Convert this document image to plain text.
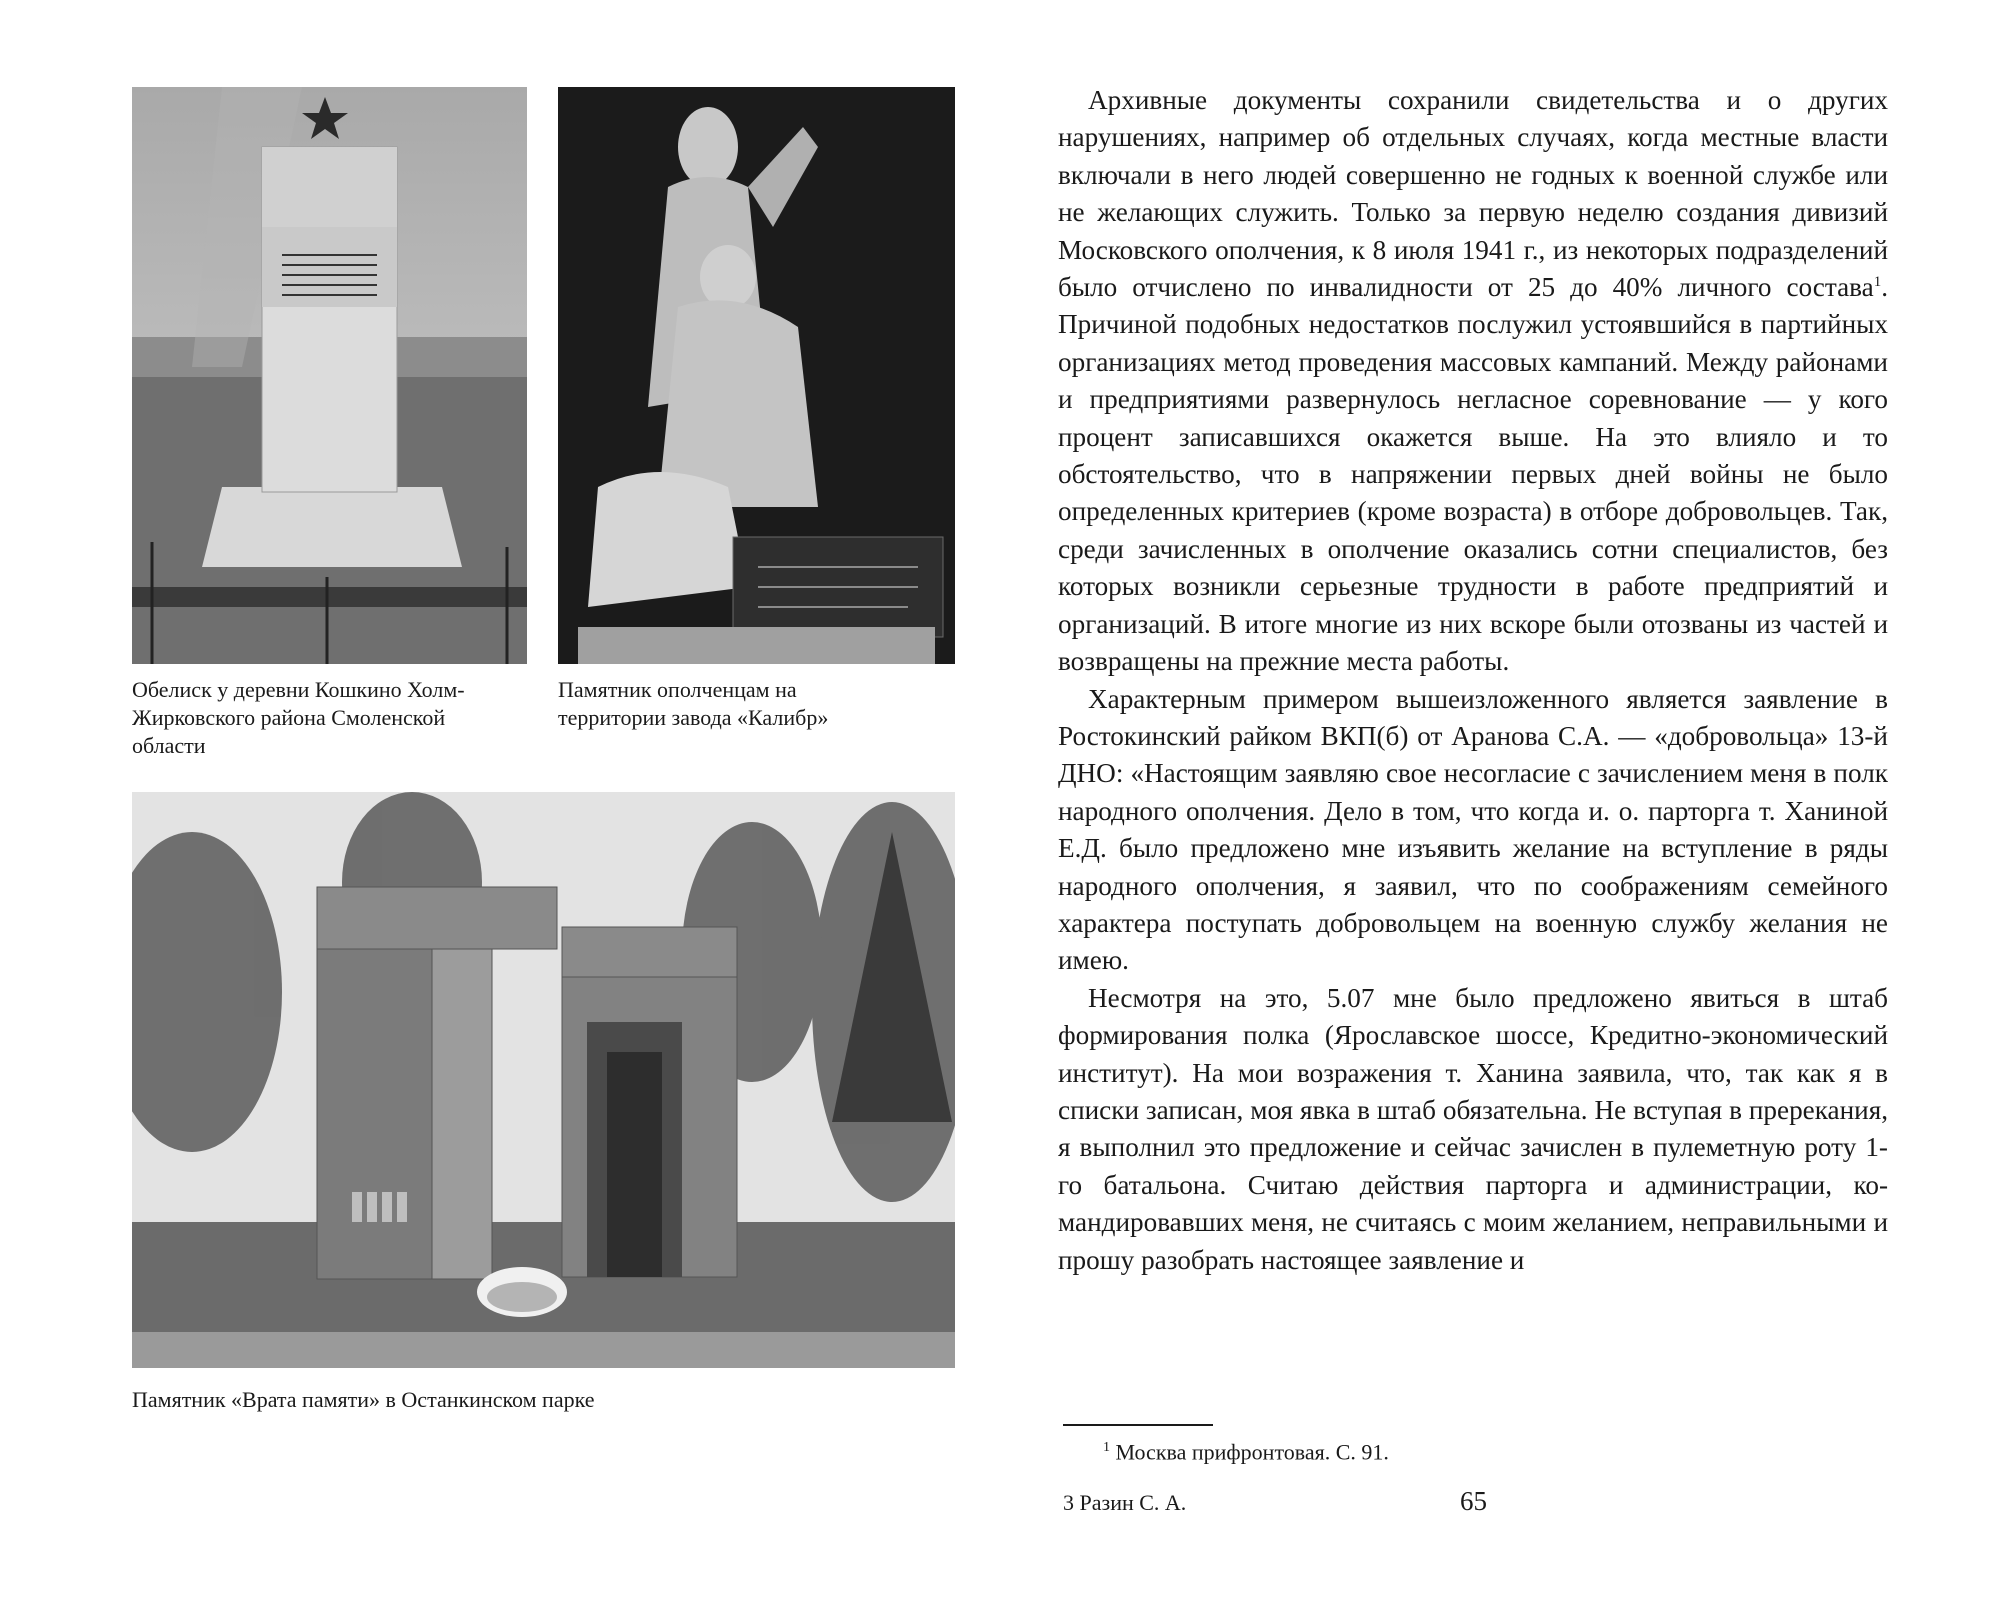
Обелиск у деревни Кошкино Холм-Жирковского района Смоленской области
Памятник ополченцам на территории завода «Калибр»
Памятник «Врата памяти» в Останкинском парке

Архивные документы сохранили свидетельства и о других нарушениях, например об отдельных случаях, когда местные власти включали в него людей совершенно не годных к военной службе или не желающих служить. Только за первую неделю создания дивизий Московского ополчения, к 8 июля 1941 г., из некоторых подразделений было отчислено по инвалидности от 25 до 40% личного состава$^1$. Причиной подобных недостатков послужил устоявшийся в партийных организациях метод проведения массовых кампаний. Между районами и предприятиями развернулось негласное соревнование — у кого процент записавшихся окажется выше. На это влияло и то обстоятельство, что в напряжении первых дней войны не было определенных критериев (кроме возраста) в отборе добровольцев. Так, среди зачисленных в ополчение оказались сотни специалистов, без которых возникли серьезные трудности в работе предприятий и организаций. В итоге многие из них вскоре были отозваны из частей и возвращены на прежние места работы.

Характерным примером вышеизложенного является заявление в Ростокинский райком ВКП(б) от Аранова С.А. — «добровольца» 13-й ДНО: «Настоящим заявляю свое несогласие с зачислением меня в полк народного ополчения. Дело в том, что когда и. о. парторга т. Ханиной Е.Д. было предложено мне изъявить желание на вступление в ряды народного ополчения, я заявил, что по соображениям семейного характера поступать добровольцем на военную службу желания не имею.

Несмотря на это, 5.07 мне было предложено явиться в штаб формирования полка (Ярославское шоссе, Кредитно-экономический институт). На мои возражения т. Ханина заявила, что, так как я в списки записан, моя явка в штаб обязательна. Не вступая в пререкания, я выполнил это предложение и сейчас зачислен в пулеметную роту 1-го батальона. Считаю действия парторга и администрации, командировавших меня, не считаясь с моим желанием, неправильными и прошу разобрать настоящее заявление и

$^1$ Москва прифронтовая. С. 91.
3 Разин С. А.	65
